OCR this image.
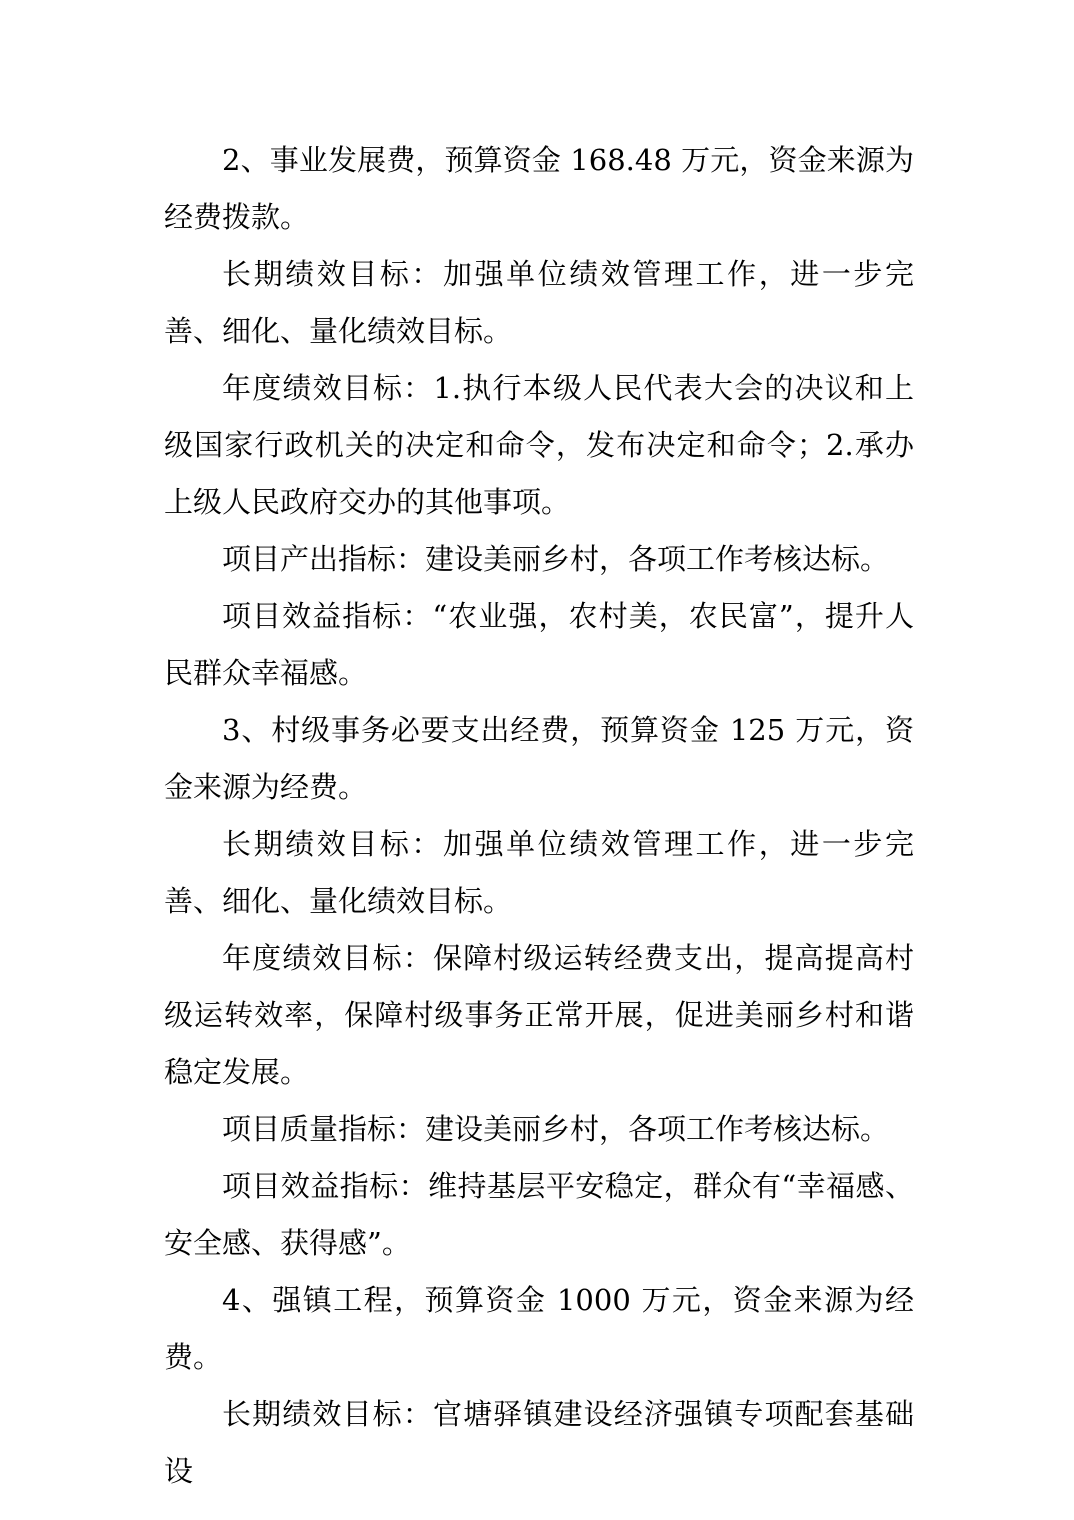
2、事业发展费，预算资金 168.48 万元，资金来源为经费拨款。

长期绩效目标：加强单位绩效管理工作，进一步完善、细化、量化绩效目标。

年度绩效目标：1.执行本级人民代表大会的决议和上级国家行政机关的决定和命令，发布决定和命令；2.承办上级人民政府交办的其他事项。

项目产出指标：建设美丽乡村，各项工作考核达标。

项目效益指标：“农业强，农村美，农民富”，提升人民群众幸福感。

3、村级事务必要支出经费，预算资金 125 万元，资金来源为经费。

长期绩效目标：加强单位绩效管理工作，进一步完善、细化、量化绩效目标。

年度绩效目标：保障村级运转经费支出，提高提高村级运转效率，保障村级事务正常开展，促进美丽乡村和谐稳定发展。

项目质量指标：建设美丽乡村，各项工作考核达标。

项目效益指标：维持基层平安稳定，群众有“幸福感、安全感、获得感”。

4、强镇工程，预算资金 1000 万元，资金来源为经费。

长期绩效目标：官塘驿镇建设经济强镇专项配套基础设
